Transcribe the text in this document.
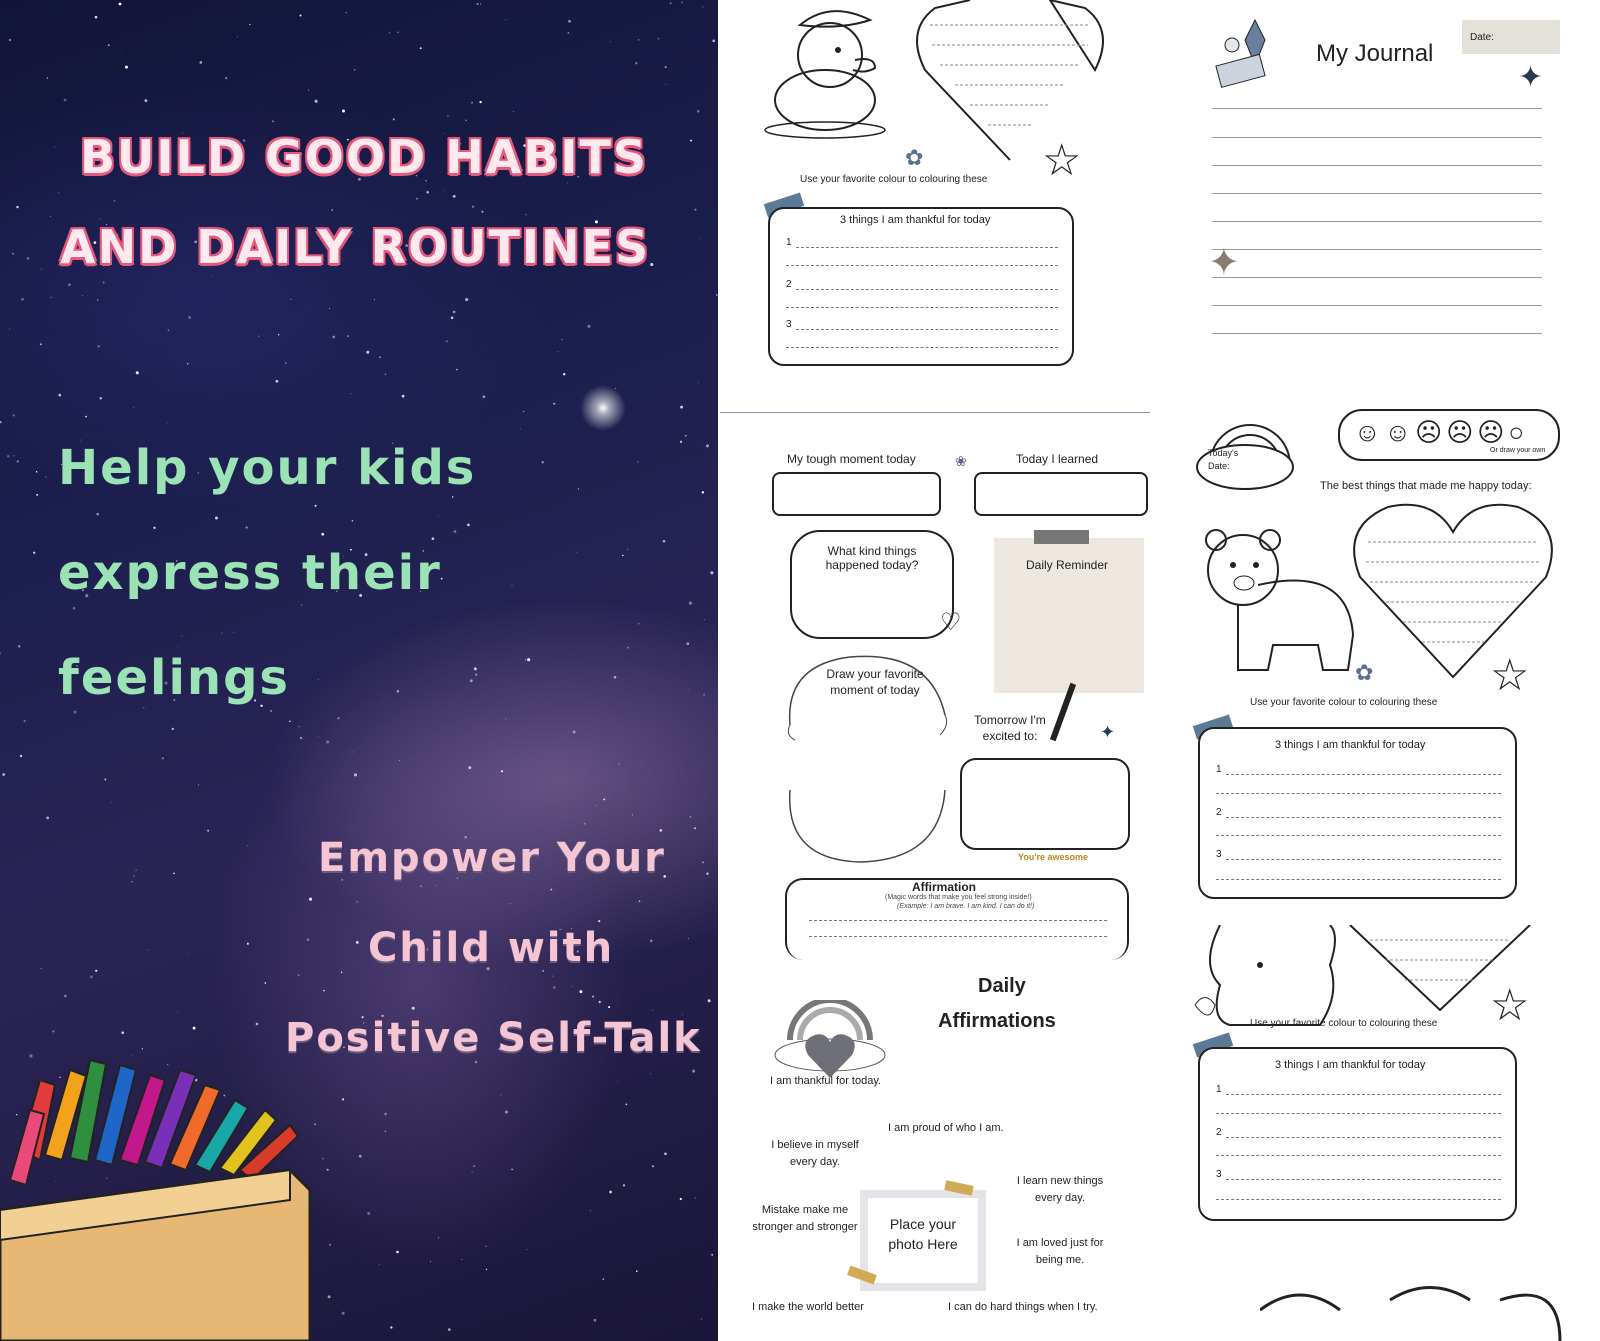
BUILD GOOD HABITS
AND DAILY ROUTINES
Help your kids
express their
feelings
Empower Your
Child with
Positive Self-Talk
✿	☆
Use your favorite colour to colouring these
3 things I am thankful for today
1
2
3
My Journal
Date:
✦
✦
My tough moment today	Today I learned
❀
What kind things happened today?	Daily Reminder
♡
Draw your favorite moment of today
Tomorrow I'm excited to:	✦
You're awesome
Affirmation
(Magic words that make you feel strong inside!)
(Example: I am brave. I am kind. I can do it!)
Today's Date:
☺☺☹☹☹○
Or draw your own
The best things that made me happy today:
✿	☆
Use your favorite colour to colouring these
3 things I am thankful for today
1
2
3
☆
Use your favorite colour to colouring these
3 things I am thankful for today
1
2
3
Daily
Affirmations
I am thankful for today.
I am proud of who I am.
I believe in myself every day.
I learn new things every day.
Mistake make me stronger and stronger	Place your photo Here	I am loved just for being me.
I make the world better	I can do hard things when I try.
